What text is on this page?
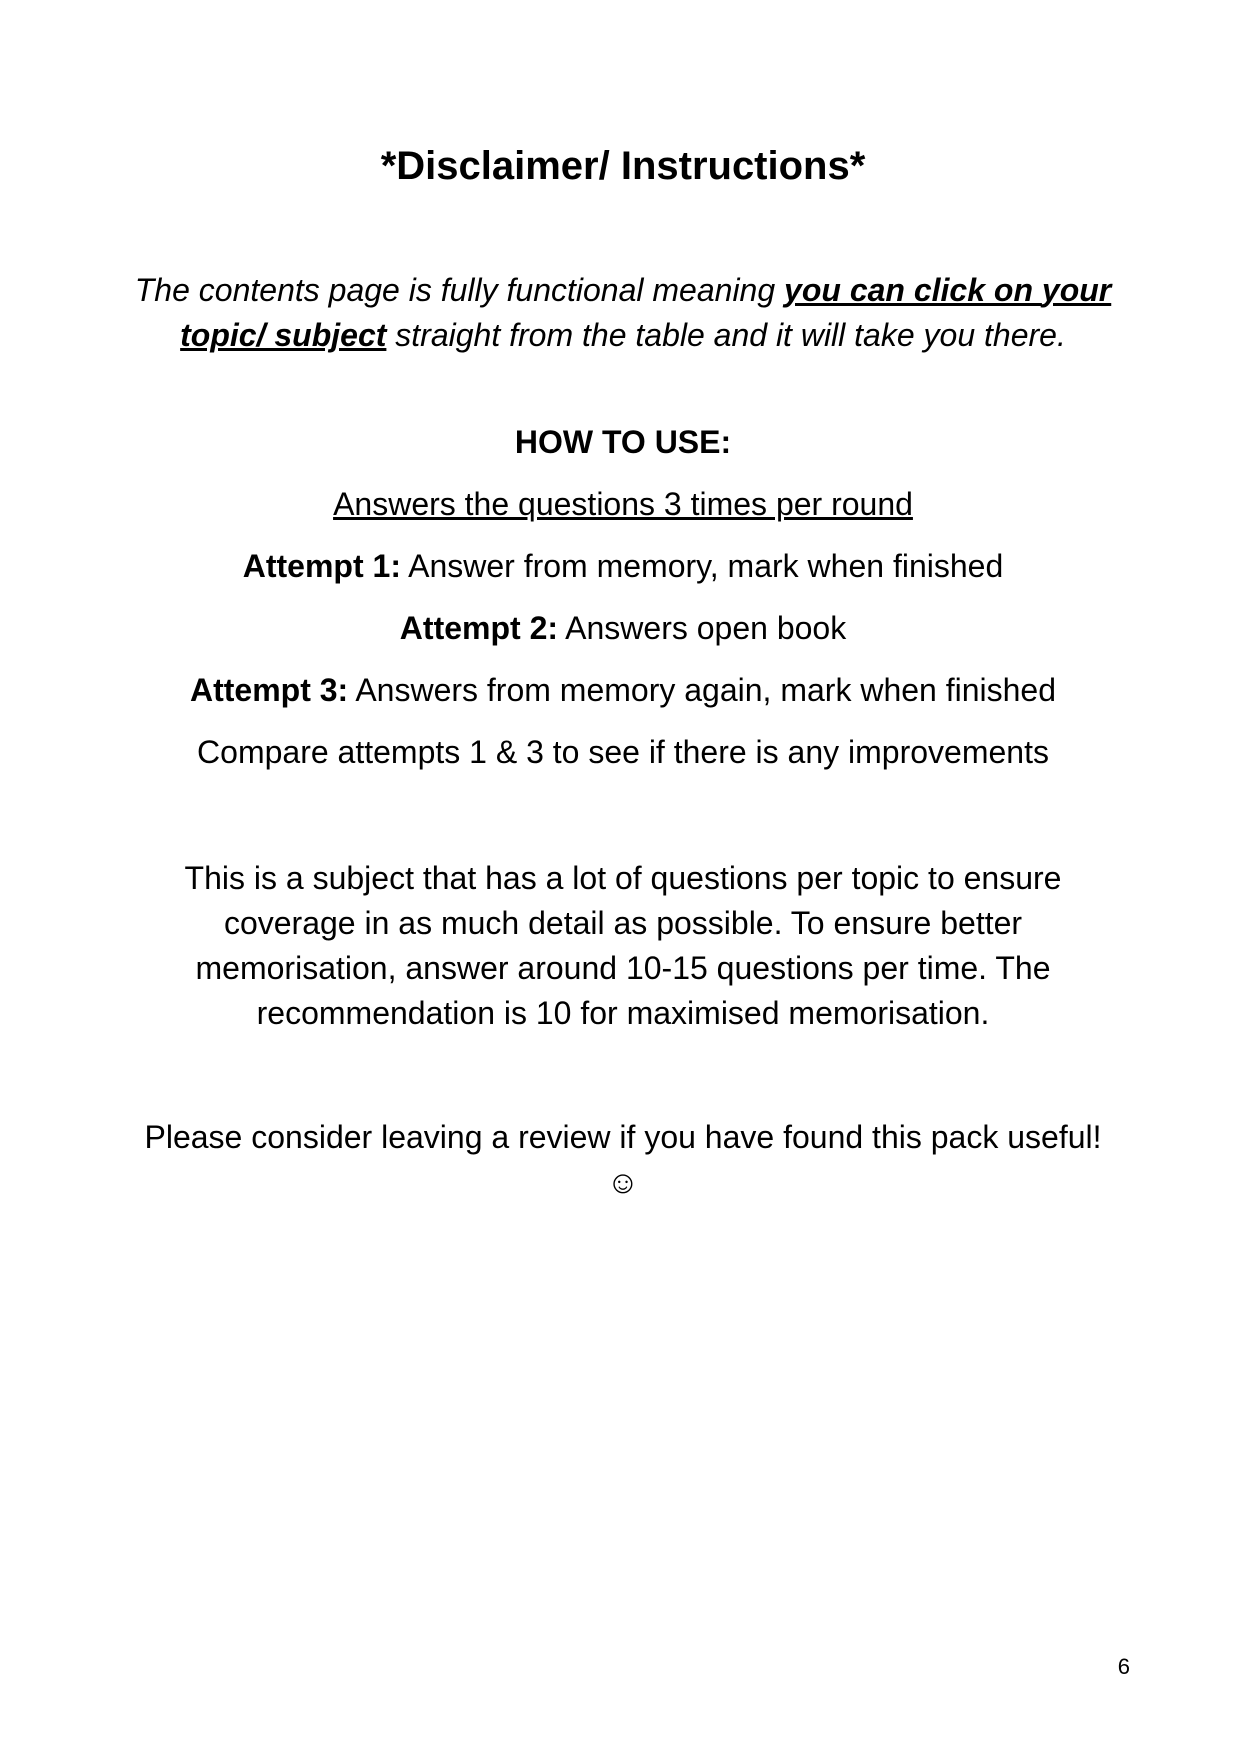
*Disclaimer/ Instructions*

The contents page is fully functional meaning you can click on your topic/ subject straight from the table and it will take you there.

HOW TO USE:

Answers the questions 3 times per round

Attempt 1: Answer from memory, mark when finished

Attempt 2: Answers open book

Attempt 3: Answers from memory again, mark when finished

Compare attempts 1 & 3 to see if there is any improvements

This is a subject that has a lot of questions per topic to ensure coverage in as much detail as possible. To ensure better memorisation, answer around 10-15 questions per time. The recommendation is 10 for maximised memorisation.

Please consider leaving a review if you have found this pack useful! ☺

6
